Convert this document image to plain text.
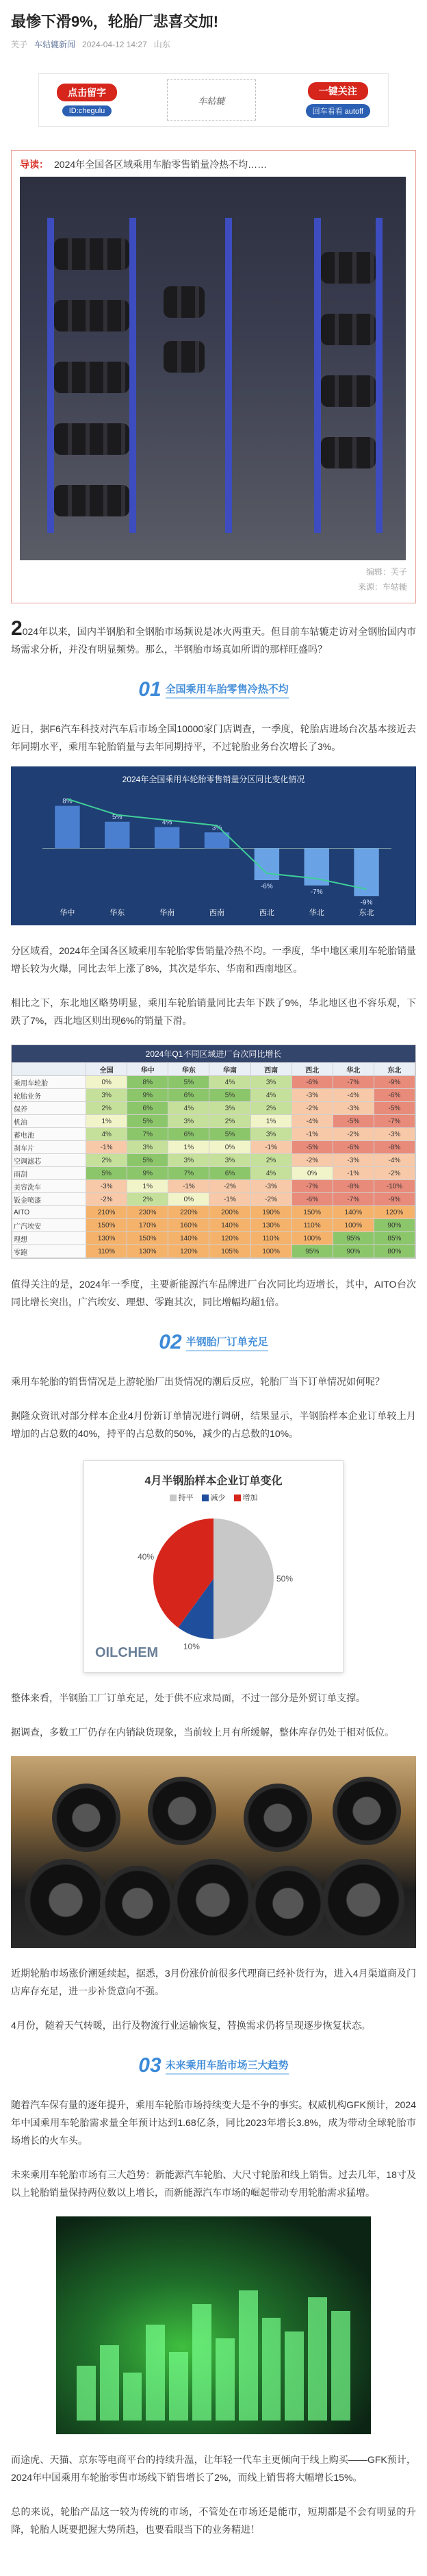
最惨下滑9%，轮胎厂悲喜交加!
芙子 车轱辘新闻 2024-04-12 14:27 山东
点击留字
ID:chegulu
车轱辘
一键关注
回车看看 autoff
导读： 2024年全国各区域乘用车胎零售销量冷热不均……
编辑：芙子
来源：车轱辘

2024年以来，国内半钢胎和全钢胎市场频说是冰火两重天。但目前车轱辘走访对全钢胎国内市场需求分析，并没有明显频势。那么，半钢胎市场真如所谓的那样旺盛吗？

01 全国乘用车胎零售冷热不均

近日，据F6汽车科技对汽车后市场全国10000家门店调查，一季度，轮胎店进场台次基本接近去年同期水平，乘用车轮胎销量与去年同期持平，不过轮胎业务台次增长了3%。

2024年全国乘用车轮胎零售销量分区同比变化情况
华中
8%
华东
5%
华南
4%
西南
3%
西北
-6%
华北
-7%
东北
-9%

分区域看，2024年全国各区域乘用车轮胎零售销量冷热不均。一季度，华中地区乘用车轮胎销量增长较为火爆，同比去年上涨了8%，其次是华东、华南和西南地区。

相比之下，东北地区略势明显，乘用车轮胎销量同比去年下跌了9%，华北地区也不容乐观，下跌了7%，西北地区则出现6%的销量下滑。

2024年Q1不同区域进厂台次同比增长
	全国	华中	华东	华南	西南	西北	华北	东北
乘用车轮胎	0%	8%	5%	4%	3%	-6%	-7%	-9%
轮胎业务	3%	9%	6%	5%	4%	-3%	-4%	-6%
保养	2%	6%	4%	3%	2%	-2%	-3%	-5%
机油	1%	5%	3%	2%	1%	-4%	-5%	-7%
蓄电池	4%	7%	6%	5%	3%	-1%	-2%	-3%
刹车片	-1%	3%	1%	0%	-1%	-5%	-6%	-8%
空调滤芯	2%	5%	3%	3%	2%	-2%	-3%	-4%
雨刮	5%	9%	7%	6%	4%	0%	-1%	-2%
美容洗车	-3%	1%	-1%	-2%	-3%	-7%	-8%	-10%
钣金喷漆	-2%	2%	0%	-1%	-2%	-6%	-7%	-9%
AITO	210%	230%	220%	200%	190%	150%	140%	120%
广汽埃安	150%	170%	160%	140%	130%	110%	100%	90%
理想	130%	150%	140%	120%	110%	100%	95%	85%
零跑	110%	130%	120%	105%	100%	95%	90%	80%

值得关注的是，2024年一季度，主要新能源汽车品牌进厂台次同比均迈增长，其中，AITO台次同比增长突出，广汽埃安、理想、零跑其次，同比增幅均超1倍。

02 半钢胎厂订单充足

乘用车轮胎的销售情况是上游轮胎厂出货情况的潮后反应，轮胎厂当下订单情况如何呢？

据隆众资讯对部分样本企业4月份新订单情况进行调研，结果显示，半钢胎样本企业订单较上月增加的占总数的40%，持平的占总数的50%，减少的占总数的10%。

4月半钢胎样本企业订单变化
持平	减少	增加
50%
10%
40%
OILCHEM

整体来看，半钢胎工厂订单充足，处于供不应求局面，不过一部分是外贸订单支撑。

据调查，多数工厂仍存在内销缺货现象，当前较上月有所缓解，整体库存仍处于相对低位。

近期轮胎市场涨价潮延续起，据悉，3月份涨价前很多代理商已经补货行为，进入4月渠道商及门店库存充足，进一步补货意向不强。

4月份，随着天气转暖，出行及物流行业运输恢复，替换需求仍将呈现逐步恢复状态。

03 未来乘用车胎市场三大趋势

随着汽车保有量的逐年提升，乘用车轮胎市场持续变大是不争的事实。权威机构GFK预计，2024年中国乘用车轮胎需求量全年预计达到1.68亿条，同比2023年增长3.8%，成为带动全球轮胎市场增长的火车头。

未来乘用车轮胎市场有三大趋势：新能源汽车轮胎、大尺寸轮胎和线上销售。过去几年，18寸及以上轮胎销量保持两位数以上增长，而新能源汽车市场的崛起带动专用轮胎需求猛增。

而途虎、天猫、京东等电商平台的持续升温，让年轻一代车主更倾向于线上购买——GFK预计，2024年中国乘用车轮胎零售市场线下销售增长了2%，而线上销售将大幅增长15%。

总的来说，轮胎产品这一较为传统的市场，不管处在市场还是能市，短期都是不会有明显的升降，轮胎人既要把握大势所趋，也要看眼当下的业务精进！
